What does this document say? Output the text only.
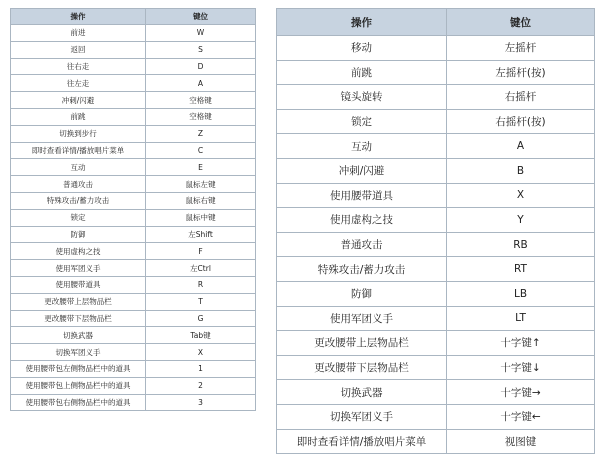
操作	键位
前进	W
返回	S
往右走	D
往左走	A
冲刺/闪避	空格键
前跳	空格键
切换到步行	Z
即时查看详情/播放唱片菜单	C
互动	E
普通攻击	鼠标左键
特殊攻击/蓄力攻击	鼠标右键
锁定	鼠标中键
防御	左Shift
使用虚构之技	F
使用军团义手	左Ctrl
使用腰带道具	R
更改腰带上层物品栏	T
更改腰带下层物品栏	G
切换武器	Tab键
切换军团义手	X
使用腰带包左侧物品栏中的道具	1
使用腰带包上侧物品栏中的道具	2
使用腰带包右侧物品栏中的道具	3
操作	键位
移动	左摇杆
前跳	左摇杆(按)
镜头旋转	右摇杆
锁定	右摇杆(按)
互动	A
冲刺/闪避	B
使用腰带道具	X
使用虚构之技	Y
普通攻击	RB
特殊攻击/蓄力攻击	RT
防御	LB
使用军团义手	LT
更改腰带上层物品栏	十字键↑
更改腰带下层物品栏	十字键↓
切换武器	十字键→
切换军团义手	十字键←
即时查看详情/播放唱片菜单	视图键
